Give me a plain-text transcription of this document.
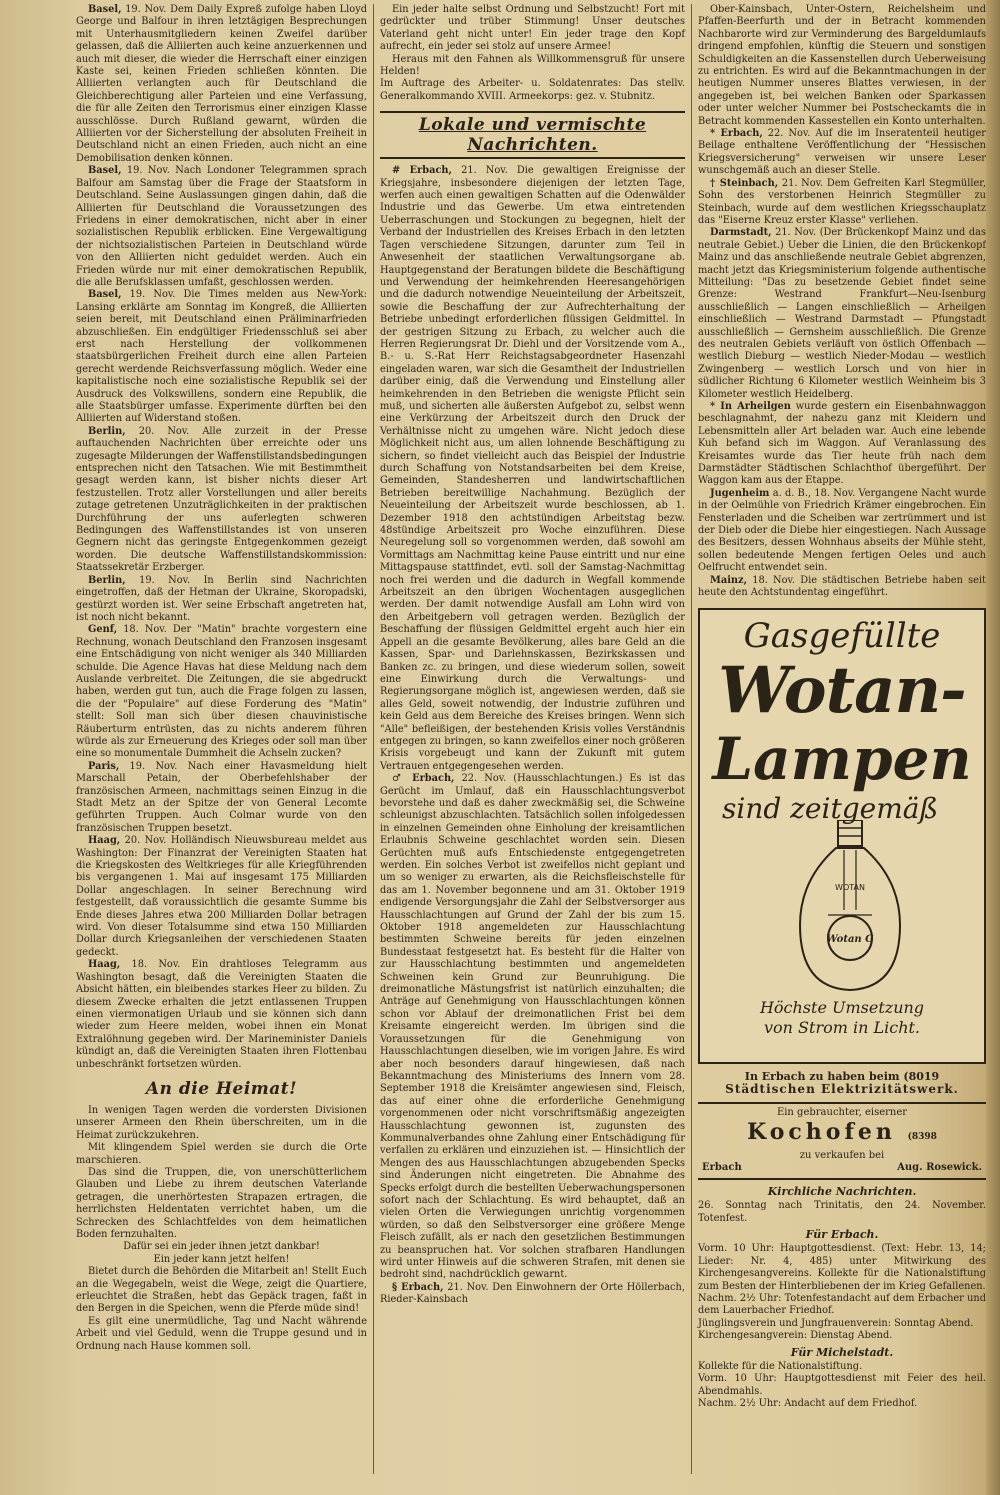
Basel, 19. Nov. Dem Daily Expreß zufolge haben Lloyd George und Balfour in ihren letztägigen Besprechungen mit Unterhausmitgliedern keinen Zweifel darüber gelassen, daß die Alliierten auch keine anzuerkennen und auch mit dieser, die wieder die Herrschaft einer einzigen Kaste sei, keinen Frieden schließen könnten. Die Alliierten verlangten auch für Deutschland die Gleichberechtigung aller Parteien und eine Verfassung, die für alle Zeiten den Terrorismus einer einzigen Klasse ausschlösse. Durch Rußland gewarnt, würden die Alliierten vor der Sicherstellung der absoluten Freiheit in Deutschland nicht an einen Frieden, auch nicht an eine Demobilisation denken können.

Basel, 19. Nov. Nach Londoner Telegrammen sprach Balfour am Samstag über die Frage der Staatsform in Deutschland. Seine Auslassungen gingen dahin, daß die Alliierten für Deutschland die Voraussetzungen des Friedens in einer demokratischen, nicht aber in einer sozialistischen Republik erblicken. Eine Vergewaltigung der nichtsozialistischen Parteien in Deutschland würde von den Alliierten nicht geduldet werden. Auch ein Frieden würde nur mit einer demokratischen Republik, die alle Berufsklassen umfaßt, geschlossen werden.

Basel, 19. Nov. Die Times melden aus New-York: Lansing erklärte am Sonntag im Kongreß, die Alliierten seien bereit, mit Deutschland einen Präliminarfrieden abzuschließen. Ein endgültiger Friedensschluß sei aber erst nach Herstellung der vollkommenen staatsbürgerlichen Freiheit durch eine allen Parteien gerecht werdende Reichsverfassung möglich. Weder eine kapitalistische noch eine sozialistische Republik sei der Ausdruck des Volkswillens, sondern eine Republik, die alle Staatsbürger umfasse. Experimente dürften bei den Alliierten auf Widerstand stoßen.

Berlin, 20. Nov. Alle zurzeit in der Presse auftauchenden Nachrichten über erreichte oder uns zugesagte Milderungen der Waffenstillstandsbedingungen entsprechen nicht den Tatsachen. Wie mit Bestimmtheit gesagt werden kann, ist bisher nichts dieser Art festzustellen. Trotz aller Vorstellungen und aller bereits zutage getretenen Unzuträglichkeiten in der praktischen Durchführung der uns auferlegten schweren Bedingungen des Waffenstillstandes ist von unseren Gegnern nicht das geringste Entgegenkommen gezeigt worden. Die deutsche Waffenstillstandskommission: Staatssekretär Erzberger.

Berlin, 19. Nov. In Berlin sind Nachrichten eingetroffen, daß der Hetman der Ukraine, Skoropadski, gestürzt worden ist. Wer seine Erbschaft angetreten hat, ist noch nicht bekannt.

Genf, 18. Nov. Der "Matin" brachte vorgestern eine Rechnung, wonach Deutschland den Franzosen insgesamt eine Entschädigung von nicht weniger als 340 Milliarden schulde. Die Agence Havas hat diese Meldung nach dem Auslande verbreitet. Die Zeitungen, die sie abgedruckt haben, werden gut tun, auch die Frage folgen zu lassen, die der "Populaire" auf diese Forderung des "Matin" stellt: Soll man sich über diesen chauvinistische Räuberturm entrüsten, das zu nichts anderem führen würde als zur Erneuerung des Krieges oder soll man über eine so monumentale Dummheit die Achseln zucken?

Paris, 19. Nov. Nach einer Havasmeldung hielt Marschall Petain, der Oberbefehlshaber der französischen Armeen, nachmittags seinen Einzug in die Stadt Metz an der Spitze der von General Lecomte geführten Truppen. Auch Colmar wurde von den französischen Truppen besetzt.

Haag, 20. Nov. Holländisch Nieuwsbureau meldet aus Washington: Der Finanzrat der Vereinigten Staaten hat die Kriegskosten des Weltkrieges für alle Kriegführenden bis vergangenen 1. Mai auf insgesamt 175 Milliarden Dollar angeschlagen. In seiner Berechnung wird festgestellt, daß voraussichtlich die gesamte Summe bis Ende dieses Jahres etwa 200 Milliarden Dollar betragen wird. Von dieser Totalsumme sind etwa 150 Milliarden Dollar durch Kriegsanleihen der verschiedenen Staaten gedeckt.

Haag, 18. Nov. Ein drahtloses Telegramm aus Washington besagt, daß die Vereinigten Staaten die Absicht hätten, ein bleibendes starkes Heer zu bilden. Zu diesem Zwecke erhalten die jetzt entlassenen Truppen einen viermonatigen Urlaub und sie können sich dann wieder zum Heere melden, wobei ihnen ein Monat Extralöhnung gegeben wird. Der Marineminister Daniels kündigt an, daß die Vereinigten Staaten ihren Flottenbau unbeschränkt fortsetzen würden.

An die Heimat!

In wenigen Tagen werden die vordersten Divisionen unserer Armeen den Rhein überschreiten, um in die Heimat zurückzukehren.

Mit klingendem Spiel werden sie durch die Orte marschieren.

Das sind die Truppen, die, von unerschütterlichem Glauben und Liebe zu ihrem deutschen Vaterlande getragen, die unerhörtesten Strapazen ertragen, die herrlichsten Heldentaten verrichtet haben, um die Schrecken des Schlachtfeldes von dem heimatlichen Boden fernzuhalten.

Dafür sei ein jeder ihnen jetzt dankbar!

Ein jeder kann jetzt helfen!

Bietet durch die Behörden die Mitarbeit an! Stellt Euch an die Wegegabeln, weist die Wege, zeigt die Quartiere, erleuchtet die Straßen, hebt das Gepäck tragen, faßt in den Bergen in die Speichen, wenn die Pferde müde sind!

Es gilt eine unermüdliche, Tag und Nacht währende Arbeit und viel Geduld, wenn die Truppe gesund und in Ordnung nach Hause kommen soll.

Ein jeder halte selbst Ordnung und Selbstzucht! Fort mit gedrückter und trüber Stimmung! Unser deutsches Vaterland geht nicht unter! Ein jeder trage den Kopf aufrecht, ein jeder sei stolz auf unsere Armee!

Heraus mit den Fahnen als Willkommensgruß für unsere Helden!

Im Auftrage des Arbeiter- u. Soldatenrates: Das stellv. Generalkommando XVIII. Armeekorps: gez. v. Stubnitz.

Lokale und vermischte Nachrichten.

# Erbach, 21. Nov. Die gewaltigen Ereignisse der Kriegsjahre, insbesondere diejenigen der letzten Tage, werfen auch einen gewaltigen Schatten auf die Odenwälder Industrie und das Gewerbe. Um etwa eintretenden Ueberraschungen und Stockungen zu begegnen, hielt der Verband der Industriellen des Kreises Erbach in den letzten Tagen verschiedene Sitzungen, darunter zum Teil in Anwesenheit der staatlichen Verwaltungsorgane ab. Hauptgegenstand der Beratungen bildete die Beschäftigung und Verwendung der heimkehrenden Heeresangehörigen und die dadurch notwendige Neueinteilung der Arbeitszeit, sowie die Beschaffung der zur Aufrechterhaltung der Betriebe unbedingt erforderlichen flüssigen Geldmittel. In der gestrigen Sitzung zu Erbach, zu welcher auch die Herren Regierungsrat Dr. Diehl und der Vorsitzende vom A., B.- u. S.-Rat Herr Reichstagsabgeordneter Hasenzahl eingeladen waren, war sich die Gesamtheit der Industriellen darüber einig, daß die Verwendung und Einstellung aller heimkehrenden in den Betrieben die wenigste Pflicht sein muß, und sicherten alle äußersten Aufgebot zu, selbst wenn eine Verkürzung der Arbeitszeit durch den Druck der Verhältnisse nicht zu umgehen wäre. Nicht jedoch diese Möglichkeit nicht aus, um allen lohnende Beschäftigung zu sichern, so findet vielleicht auch das Beispiel der Industrie durch Schaffung von Notstandsarbeiten bei dem Kreise, Gemeinden, Standesherren und landwirtschaftlichen Betrieben bereitwillige Nachahmung. Bezüglich der Neueinteilung der Arbeitszeit wurde beschlossen, ab 1. Dezember 1918 den achtstündigen Arbeitstag bezw. 48stündige Arbeitszeit pro Woche einzuführen. Diese Neuregelung soll so vorgenommen werden, daß sowohl am Vormittags am Nachmittag keine Pause eintritt und nur eine Mittagspause stattfindet, evtl. soll der Samstag-Nachmittag noch frei werden und die dadurch in Wegfall kommende Arbeitszeit an den übrigen Wochentagen ausgeglichen werden. Der damit notwendige Ausfall am Lohn wird von den Arbeitgebern voll getragen werden. Bezüglich der Beschaffung der flüssigen Geldmittel ergeht auch hier ein Appell an die gesamte Bevölkerung, alles bare Geld an die Kassen, Spar- und Darlehnskassen, Bezirkskassen und Banken zc. zu bringen, und diese wiederum sollen, soweit eine Einwirkung durch die Verwaltungs- und Regierungsorgane möglich ist, angewiesen werden, daß sie alles Geld, soweit notwendig, der Industrie zuführen und kein Geld aus dem Bereiche des Kreises bringen. Wenn sich "Alle" befleißigen, der bestehenden Krisis volles Verständnis entgegen zu bringen, so kann zweifellos einer noch größeren Krisis vorgebeugt und kann der Zukunft mit gutem Vertrauen entgegengesehen werden.

♂ Erbach, 22. Nov. (Hausschlachtungen.) Es ist das Gerücht im Umlauf, daß ein Hausschlachtungsverbot bevorstehe und daß es daher zweckmäßig sei, die Schweine schleunigst abzuschlachten. Tatsächlich sollen infolgedessen in einzelnen Gemeinden ohne Einholung der kreisamtlichen Erlaubnis Schweine geschlachtet worden sein. Diesen Gerüchten muß aufs Entschiedenste entgegengetreten werden. Ein solches Verbot ist zweifellos nicht geplant und um so weniger zu erwarten, als die Reichsfleischstelle für das am 1. November begonnene und am 31. Oktober 1919 endigende Versorgungsjahr die Zahl der Selbstversorger aus Hausschlachtungen auf Grund der Zahl der bis zum 15. Oktober 1918 angemeldeten zur Hausschlachtung bestimmten Schweine bereits für jeden einzelnen Bundesstaat festgesetzt hat. Es besteht für die Halter von zur Hausschlachtung bestimmten und angemeldeten Schweinen kein Grund zur Beunruhigung. Die dreimonatliche Mästungsfrist ist natürlich einzuhalten; die Anträge auf Genehmigung von Hausschlachtungen können schon vor Ablauf der dreimonatlichen Frist bei dem Kreisamte eingereicht werden. Im übrigen sind die Voraussetzungen für die Genehmigung von Hausschlachtungen dieselben, wie im vorigen Jahre. Es wird aber noch besonders darauf hingewiesen, daß nach Bekanntmachung des Ministeriums des Innern vom 28. September 1918 die Kreisämter angewiesen sind, Fleisch, das auf einer ohne die erforderliche Genehmigung vorgenommenen oder nicht vorschriftsmäßig angezeigten Hausschlachtung gewonnen ist, zugunsten des Kommunalverbandes ohne Zahlung einer Entschädigung für verfallen zu erklären und einzuziehen ist. — Hinsichtlich der Mengen des aus Hausschlachtungen abzugebenden Specks sind Änderungen nicht eingetreten. Die Abnahme des Specks erfolgt durch die bestellten Ueberwachungspersonen sofort nach der Schlachtung. Es wird behauptet, daß an vielen Orten die Verwiegungen unrichtig vorgenommen würden, so daß den Selbstversorger eine größere Menge Fleisch zufällt, als er nach den gesetzlichen Bestimmungen zu beanspruchen hat. Vor solchen strafbaren Handlungen wird unter Hinweis auf die schweren Strafen, mit denen sie bedroht sind, nachdrücklich gewarnt.

§ Erbach, 21. Nov. Den Einwohnern der Orte Höllerbach, Rieder-Kainsbach

Ober-Kainsbach, Unter-Ostern, Reichelsheim und Pfaffen-Beerfurth und der in Betracht kommenden Nachbarorte wird zur Verminderung des Bargeldumlaufs dringend empfohlen, künftig die Steuern und sonstigen Schuldigkeiten an die Kassenstellen durch Ueberweisung zu entrichten. Es wird auf die Bekanntmachungen in der heutigen Nummer unseres Blattes verwiesen, in der angegeben ist, bei welchen Banken oder Sparkassen oder unter welcher Nummer bei Postscheckamts die in Betracht kommenden Kassestellen ein Konto unterhalten.

* Erbach, 22. Nov. Auf die im Inseratenteil heutiger Beilage enthaltene Veröffentlichung der "Hessischen Kriegsversicherung" verweisen wir unsere Leser wunschgemäß auch an dieser Stelle.

† Steinbach, 21. Nov. Dem Gefreiten Karl Stegmüller, Sohn des verstorbenen Heinrich Stegmüller zu Steinbach, wurde auf dem westlichen Kriegsschauplatz das "Eiserne Kreuz erster Klasse" verliehen.

Darmstadt, 21. Nov. (Der Brückenkopf Mainz und das neutrale Gebiet.) Ueber die Linien, die den Brückenkopf Mainz und das anschließende neutrale Gebiet abgrenzen, macht jetzt das Kriegsministerium folgende authentische Mitteilung: "Das zu besetzende Gebiet findet seine Grenze: Westrand Frankfurt—Neu-Isenburg ausschließlich — Langen einschließlich — Arheilgen einschließlich — Westrand Darmstadt — Pfungstadt ausschließlich — Gernsheim ausschließlich. Die Grenze des neutralen Gebiets verläuft von östlich Offenbach — westlich Dieburg — westlich Nieder-Modau — westlich Zwingenberg — westlich Lorsch und von hier in südlicher Richtung 6 Kilometer westlich Weinheim bis 3 Kilometer westlich Heidelberg.

* In Arheilgen wurde gestern ein Eisenbahnwaggon beschlagnahmt, der nahezu ganz mit Kleidern und Lebensmitteln aller Art beladen war. Auch eine lebende Kuh befand sich im Waggon. Auf Veranlassung des Kreisamtes wurde das Tier heute früh nach dem Darmstädter Städtischen Schlachthof übergeführt. Der Waggon kam aus der Etappe.

Jugenheim a. d. B., 18. Nov. Vergangene Nacht wurde in der Oelmühle von Friedrich Krämer eingebrochen. Ein Fensterladen und die Scheiben war zertrümmert und ist der Dieb oder die Diebe hier eingestiegen. Nach Aussage des Besitzers, dessen Wohnhaus abseits der Mühle steht, sollen bedeutende Mengen fertigen Oeles und auch Oelfrucht entwendet sein.

Mainz, 18. Nov. Die städtischen Betriebe haben seit heute den Achtstundentag eingeführt.

Gasgefüllte
Wotan-
Lampen
sind zeitgemäß
WOTAN
Wotan G
Höchste Umsetzung
von Strom in Licht.
In Erbach zu haben beim (8019
Städtischen Elektrizitätswerk.
Ein gebrauchter, eiserner
Kochofen (8398
zu verkaufen bei
Erbach	Aug. Rosewick.
Kirchliche Nachrichten.

26. Sonntag nach Trinitatis, den 24. November. Totenfest.

Für Erbach.

Vorm. 10 Uhr: Hauptgottesdienst. (Text: Hebr. 13, 14; Lieder: Nr. 4, 485) unter Mitwirkung des Kirchengesangvereins. Kollekte für die Nationalstiftung zum Besten der Hinterbliebenen der im Krieg Gefallenen.

Nachm. 2½ Uhr: Totenfestandacht auf dem Erbacher und dem Lauerbacher Friedhof.

Jünglingsverein und Jungfrauenverein: Sonntag Abend.

Kirchengesangverein: Dienstag Abend.

Für Michelstadt.

Kollekte für die Nationalstiftung.

Vorm. 10 Uhr: Hauptgottesdienst mit Feier des heil. Abendmahls.

Nachm. 2½ Uhr: Andacht auf dem Friedhof.
